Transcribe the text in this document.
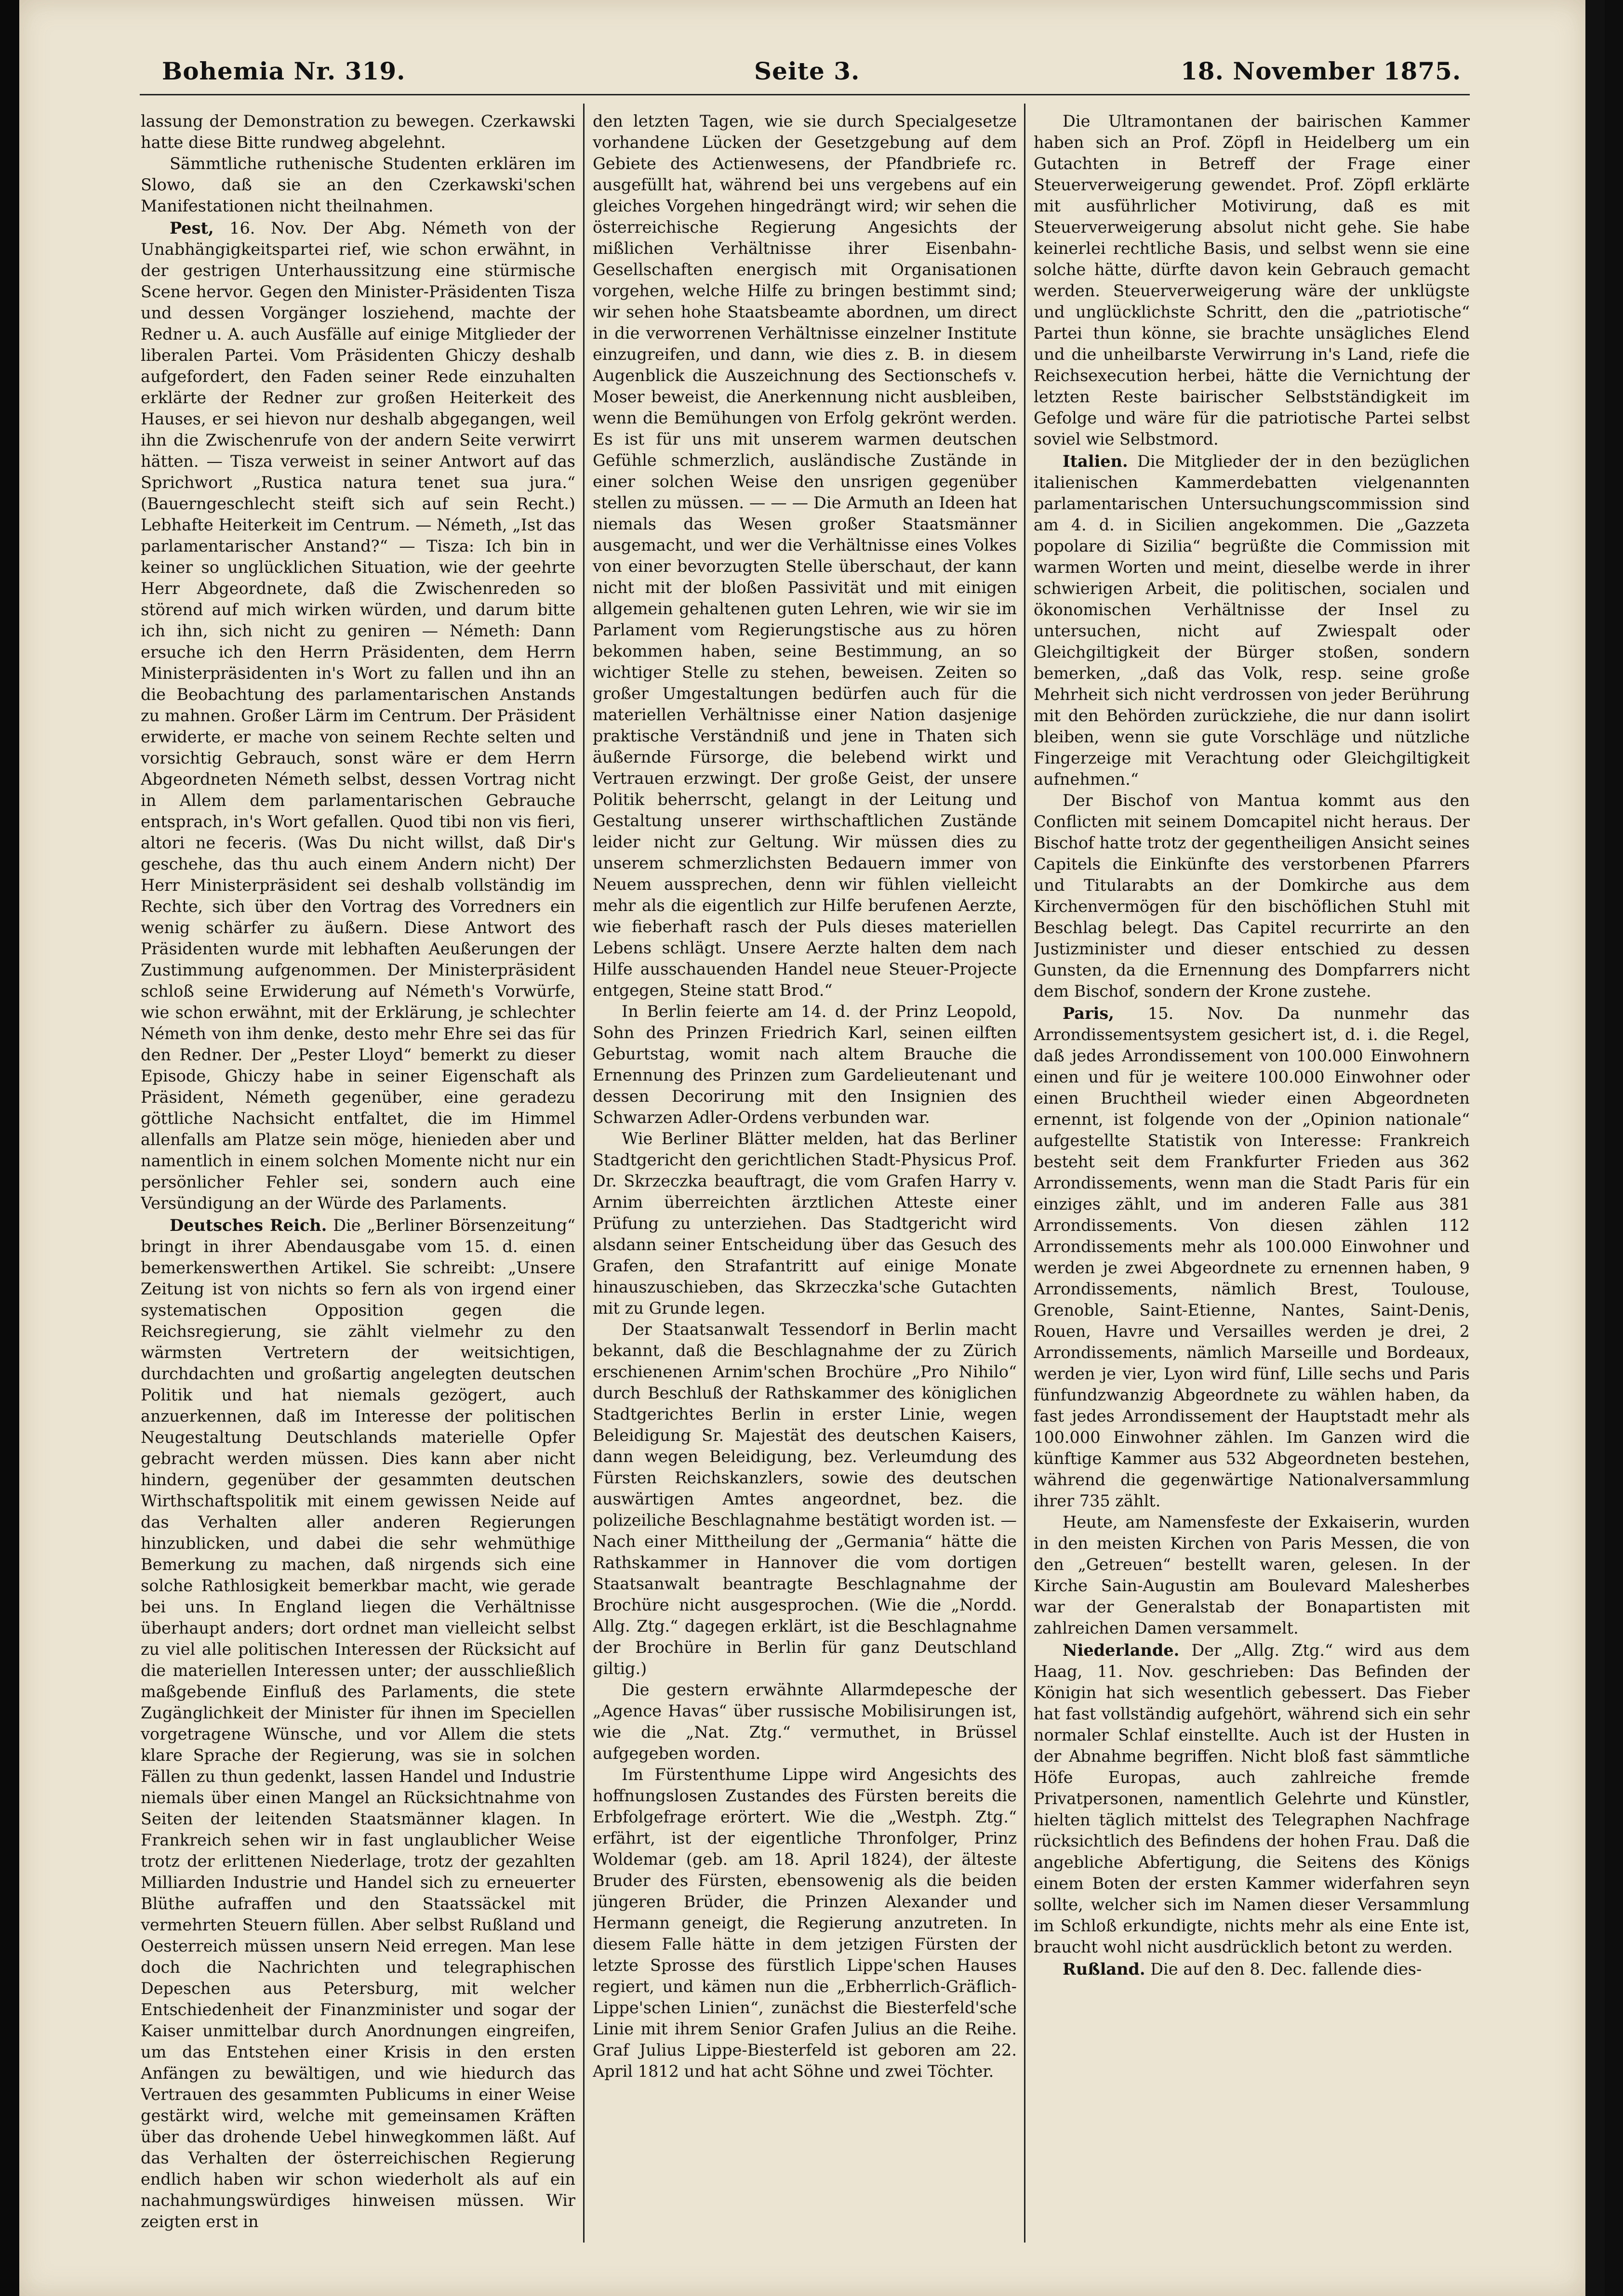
Bohemia Nr. 319.	Seite 3.	18. November 1875.

lassung der Demonstration zu bewegen. Czerkawski hatte diese Bitte rundweg abgelehnt.

Sämmtliche ruthenische Studenten erklären im Slowo, daß sie an den Czerkawski'schen Manifestationen nicht theilnahmen.

Pest, 16. Nov. Der Abg. Németh von der Unabhängigkeitspartei rief, wie schon erwähnt, in der gestrigen Unterhaussitzung eine stürmische Scene hervor. Gegen den Minister-Präsidenten Tisza und dessen Vorgänger losziehend, machte der Redner u. A. auch Ausfälle auf einige Mitglieder der liberalen Partei. Vom Präsidenten Ghiczy deshalb aufgefordert, den Faden seiner Rede einzuhalten erklärte der Redner zur großen Heiterkeit des Hauses, er sei hievon nur deshalb abgegangen, weil ihn die Zwischenrufe von der andern Seite verwirrt hätten. — Tisza verweist in seiner Antwort auf das Sprichwort „Rustica natura tenet sua jura.“ (Bauerngeschlecht steift sich auf sein Recht.) Lebhafte Heiterkeit im Centrum. — Németh, „Ist das parlamentarischer Anstand?“ — Tisza: Ich bin in keiner so unglücklichen Situation, wie der geehrte Herr Abgeordnete, daß die Zwischenreden so störend auf mich wirken würden, und darum bitte ich ihn, sich nicht zu geniren — Németh: Dann ersuche ich den Herrn Präsidenten, dem Herrn Ministerpräsidenten in's Wort zu fallen und ihn an die Beobachtung des parlamentarischen Anstands zu mahnen. Großer Lärm im Centrum. Der Präsident erwiderte, er mache von seinem Rechte selten und vorsichtig Gebrauch, sonst wäre er dem Herrn Abgeordneten Németh selbst, dessen Vortrag nicht in Allem dem parlamentarischen Gebrauche entsprach, in's Wort gefallen. Quod tibi non vis fieri, altori ne feceris. (Was Du nicht willst, daß Dir's geschehe, das thu auch einem Andern nicht) Der Herr Ministerpräsident sei deshalb vollständig im Rechte, sich über den Vortrag des Vorredners ein wenig schärfer zu äußern. Diese Antwort des Präsidenten wurde mit lebhaften Aeußerungen der Zustimmung aufgenommen. Der Ministerpräsident schloß seine Erwiderung auf Németh's Vorwürfe, wie schon erwähnt, mit der Erklärung, je schlechter Németh von ihm denke, desto mehr Ehre sei das für den Redner. Der „Pester Lloyd“ bemerkt zu dieser Episode, Ghiczy habe in seiner Eigenschaft als Präsident, Németh gegenüber, eine geradezu göttliche Nachsicht entfaltet, die im Himmel allenfalls am Platze sein möge, hienieden aber und namentlich in einem solchen Momente nicht nur ein persönlicher Fehler sei, sondern auch eine Versündigung an der Würde des Parlaments.

Deutsches Reich. Die „Berliner Börsenzeitung“ bringt in ihrer Abendausgabe vom 15. d. einen bemerkenswerthen Artikel. Sie schreibt: „Unsere Zeitung ist von nichts so fern als von irgend einer systematischen Opposition gegen die Reichsregierung, sie zählt vielmehr zu den wärmsten Vertretern der weitsichtigen, durchdachten und großartig angelegten deutschen Politik und hat niemals gezögert, auch anzuerkennen, daß im Interesse der politischen Neugestaltung Deutschlands materielle Opfer gebracht werden müssen. Dies kann aber nicht hindern, gegenüber der gesammten deutschen Wirthschaftspolitik mit einem gewissen Neide auf das Verhalten aller anderen Regierungen hinzublicken, und dabei die sehr wehmüthige Bemerkung zu machen, daß nirgends sich eine solche Rathlosigkeit bemerkbar macht, wie gerade bei uns. In England liegen die Verhältnisse überhaupt anders; dort ordnet man vielleicht selbst zu viel alle politischen Interessen der Rücksicht auf die materiellen Interessen unter; der ausschließlich maßgebende Einfluß des Parlaments, die stete Zugänglichkeit der Minister für ihnen im Speciellen vorgetragene Wünsche, und vor Allem die stets klare Sprache der Regierung, was sie in solchen Fällen zu thun gedenkt, lassen Handel und Industrie niemals über einen Mangel an Rücksichtnahme von Seiten der leitenden Staatsmänner klagen. In Frankreich sehen wir in fast unglaublicher Weise trotz der erlittenen Niederlage, trotz der gezahlten Milliarden Industrie und Handel sich zu erneuerter Blüthe aufraffen und den Staatssäckel mit vermehrten Steuern füllen. Aber selbst Rußland und Oesterreich müssen unsern Neid erregen. Man lese doch die Nachrichten und telegraphischen Depeschen aus Petersburg, mit welcher Entschiedenheit der Finanzminister und sogar der Kaiser unmittelbar durch Anordnungen eingreifen, um das Entstehen einer Krisis in den ersten Anfängen zu bewältigen, und wie hiedurch das Vertrauen des gesammten Publicums in einer Weise gestärkt wird, welche mit gemeinsamen Kräften über das drohende Uebel hinwegkommen läßt. Auf das Verhalten der österreichischen Regierung endlich haben wir schon wiederholt als auf ein nachahmungswürdiges hinweisen müssen. Wir zeigten erst in

den letzten Tagen, wie sie durch Specialgesetze vorhandene Lücken der Gesetzgebung auf dem Gebiete des Actienwesens, der Pfandbriefe rc. ausgefüllt hat, während bei uns vergebens auf ein gleiches Vorgehen hingedrängt wird; wir sehen die österreichische Regierung Angesichts der mißlichen Verhältnisse ihrer Eisenbahn-Gesellschaften energisch mit Organisationen vorgehen, welche Hilfe zu bringen bestimmt sind; wir sehen hohe Staatsbeamte abordnen, um direct in die verworrenen Verhältnisse einzelner Institute einzugreifen, und dann, wie dies z. B. in diesem Augenblick die Auszeichnung des Sectionschefs v. Moser beweist, die Anerkennung nicht ausbleiben, wenn die Bemühungen von Erfolg gekrönt werden. Es ist für uns mit unserem warmen deutschen Gefühle schmerzlich, ausländische Zustände in einer solchen Weise den unsrigen gegenüber stellen zu müssen. — — — Die Armuth an Ideen hat niemals das Wesen großer Staatsmänner ausgemacht, und wer die Verhältnisse eines Volkes von einer bevorzugten Stelle überschaut, der kann nicht mit der bloßen Passivität und mit einigen allgemein gehaltenen guten Lehren, wie wir sie im Parlament vom Regierungstische aus zu hören bekommen haben, seine Bestimmung, an so wichtiger Stelle zu stehen, beweisen. Zeiten so großer Umgestaltungen bedürfen auch für die materiellen Verhältnisse einer Nation dasjenige praktische Verständniß und jene in Thaten sich äußernde Fürsorge, die belebend wirkt und Vertrauen erzwingt. Der große Geist, der unsere Politik beherrscht, gelangt in der Leitung und Gestaltung unserer wirthschaftlichen Zustände leider nicht zur Geltung. Wir müssen dies zu unserem schmerzlichsten Bedauern immer von Neuem aussprechen, denn wir fühlen vielleicht mehr als die eigentlich zur Hilfe berufenen Aerzte, wie fieberhaft rasch der Puls dieses materiellen Lebens schlägt. Unsere Aerzte halten dem nach Hilfe ausschauenden Handel neue Steuer-Projecte entgegen, Steine statt Brod.“

In Berlin feierte am 14. d. der Prinz Leopold, Sohn des Prinzen Friedrich Karl, seinen eilften Geburtstag, womit nach altem Brauche die Ernennung des Prinzen zum Gardelieutenant und dessen Decorirung mit den Insignien des Schwarzen Adler-Ordens verbunden war.

Wie Berliner Blätter melden, hat das Berliner Stadtgericht den gerichtlichen Stadt-Physicus Prof. Dr. Skrzeczka beauftragt, die vom Grafen Harry v. Arnim überreichten ärztlichen Atteste einer Prüfung zu unterziehen. Das Stadtgericht wird alsdann seiner Entscheidung über das Gesuch des Grafen, den Strafantritt auf einige Monate hinauszuschieben, das Skrzeczka'sche Gutachten mit zu Grunde legen.

Der Staatsanwalt Tessendorf in Berlin macht bekannt, daß die Beschlagnahme der zu Zürich erschienenen Arnim'schen Brochüre „Pro Nihilo“ durch Beschluß der Rathskammer des königlichen Stadtgerichtes Berlin in erster Linie, wegen Beleidigung Sr. Majestät des deutschen Kaisers, dann wegen Beleidigung, bez. Verleumdung des Fürsten Reichskanzlers, sowie des deutschen auswärtigen Amtes angeordnet, bez. die polizeiliche Beschlagnahme bestätigt worden ist. — Nach einer Mittheilung der „Germania“ hätte die Rathskammer in Hannover die vom dortigen Staatsanwalt beantragte Beschlagnahme der Brochüre nicht ausgesprochen. (Wie die „Nordd. Allg. Ztg.“ dagegen erklärt, ist die Beschlagnahme der Brochüre in Berlin für ganz Deutschland giltig.)

Die gestern erwähnte Allarmdepesche der „Agence Havas“ über russische Mobilisirungen ist, wie die „Nat. Ztg.“ vermuthet, in Brüssel aufgegeben worden.

Im Fürstenthume Lippe wird Angesichts des hoffnungslosen Zustandes des Fürsten bereits die Erbfolgefrage erörtert. Wie die „Westph. Ztg.“ erfährt, ist der eigentliche Thronfolger, Prinz Woldemar (geb. am 18. April 1824), der älteste Bruder des Fürsten, ebensowenig als die beiden jüngeren Brüder, die Prinzen Alexander und Hermann geneigt, die Regierung anzutreten. In diesem Falle hätte in dem jetzigen Fürsten der letzte Sprosse des fürstlich Lippe'schen Hauses regiert, und kämen nun die „Erbherrlich-Gräflich-Lippe'schen Linien“, zunächst die Biesterfeld'sche Linie mit ihrem Senior Grafen Julius an die Reihe. Graf Julius Lippe-Biesterfeld ist geboren am 22. April 1812 und hat acht Söhne und zwei Töchter.

Die Ultramontanen der bairischen Kammer haben sich an Prof. Zöpfl in Heidelberg um ein Gutachten in Betreff der Frage einer Steuerverweigerung gewendet. Prof. Zöpfl erklärte mit ausführlicher Motivirung, daß es mit Steuerverweigerung absolut nicht gehe. Sie habe keinerlei rechtliche Basis, und selbst wenn sie eine solche hätte, dürfte davon kein Gebrauch gemacht werden. Steuerverweigerung wäre der unklügste und unglücklichste Schritt, den die „patriotische“ Partei thun könne, sie brachte unsägliches Elend und die unheilbarste Verwirrung in's Land, riefe die Reichsexecution herbei, hätte die Vernichtung der letzten Reste bairischer Selbstständigkeit im Gefolge und wäre für die patriotische Partei selbst soviel wie Selbstmord.

Italien. Die Mitglieder der in den bezüglichen italienischen Kammerdebatten vielgenannten parlamentarischen Untersuchungscommission sind am 4. d. in Sicilien angekommen. Die „Gazzeta popolare di Sizilia“ begrüßte die Commission mit warmen Worten und meint, dieselbe werde in ihrer schwierigen Arbeit, die politischen, socialen und ökonomischen Verhältnisse der Insel zu untersuchen, nicht auf Zwiespalt oder Gleichgiltigkeit der Bürger stoßen, sondern bemerken, „daß das Volk, resp. seine große Mehrheit sich nicht verdrossen von jeder Berührung mit den Behörden zurückziehe, die nur dann isolirt bleiben, wenn sie gute Vorschläge und nützliche Fingerzeige mit Verachtung oder Gleichgiltigkeit aufnehmen.“

Der Bischof von Mantua kommt aus den Conflicten mit seinem Domcapitel nicht heraus. Der Bischof hatte trotz der gegentheiligen Ansicht seines Capitels die Einkünfte des verstorbenen Pfarrers und Titularabts an der Domkirche aus dem Kirchenvermögen für den bischöflichen Stuhl mit Beschlag belegt. Das Capitel recurrirte an den Justizminister und dieser entschied zu dessen Gunsten, da die Ernennung des Dompfarrers nicht dem Bischof, sondern der Krone zustehe.

Paris, 15. Nov. Da nunmehr das Arrondissementsystem gesichert ist, d. i. die Regel, daß jedes Arrondissement von 100.000 Einwohnern einen und für je weitere 100.000 Einwohner oder einen Bruchtheil wieder einen Abgeordneten ernennt, ist folgende von der „Opinion nationale“ aufgestellte Statistik von Interesse: Frankreich besteht seit dem Frankfurter Frieden aus 362 Arrondissements, wenn man die Stadt Paris für ein einziges zählt, und im anderen Falle aus 381 Arrondissements. Von diesen zählen 112 Arrondissements mehr als 100.000 Einwohner und werden je zwei Abgeordnete zu ernennen haben, 9 Arrondissements, nämlich Brest, Toulouse, Grenoble, Saint-Etienne, Nantes, Saint-Denis, Rouen, Havre und Versailles werden je drei, 2 Arrondissements, nämlich Marseille und Bordeaux, werden je vier, Lyon wird fünf, Lille sechs und Paris fünfundzwanzig Abgeordnete zu wählen haben, da fast jedes Arrondissement der Hauptstadt mehr als 100.000 Einwohner zählen. Im Ganzen wird die künftige Kammer aus 532 Abgeordneten bestehen, während die gegenwärtige Nationalversammlung ihrer 735 zählt.

Heute, am Namensfeste der Exkaiserin, wurden in den meisten Kirchen von Paris Messen, die von den „Getreuen“ bestellt waren, gelesen. In der Kirche Sain-Augustin am Boulevard Malesherbes war der Generalstab der Bonapartisten mit zahlreichen Damen versammelt.

Niederlande. Der „Allg. Ztg.“ wird aus dem Haag, 11. Nov. geschrieben: Das Befinden der Königin hat sich wesentlich gebessert. Das Fieber hat fast vollständig aufgehört, während sich ein sehr normaler Schlaf einstellte. Auch ist der Husten in der Abnahme begriffen. Nicht bloß fast sämmtliche Höfe Europas, auch zahlreiche fremde Privatpersonen, namentlich Gelehrte und Künstler, hielten täglich mittelst des Telegraphen Nachfrage rücksichtlich des Befindens der hohen Frau. Daß die angebliche Abfertigung, die Seitens des Königs einem Boten der ersten Kammer widerfahren seyn sollte, welcher sich im Namen dieser Versammlung im Schloß erkundigte, nichts mehr als eine Ente ist, braucht wohl nicht ausdrücklich betont zu werden.

Rußland. Die auf den 8. Dec. fallende dies-
